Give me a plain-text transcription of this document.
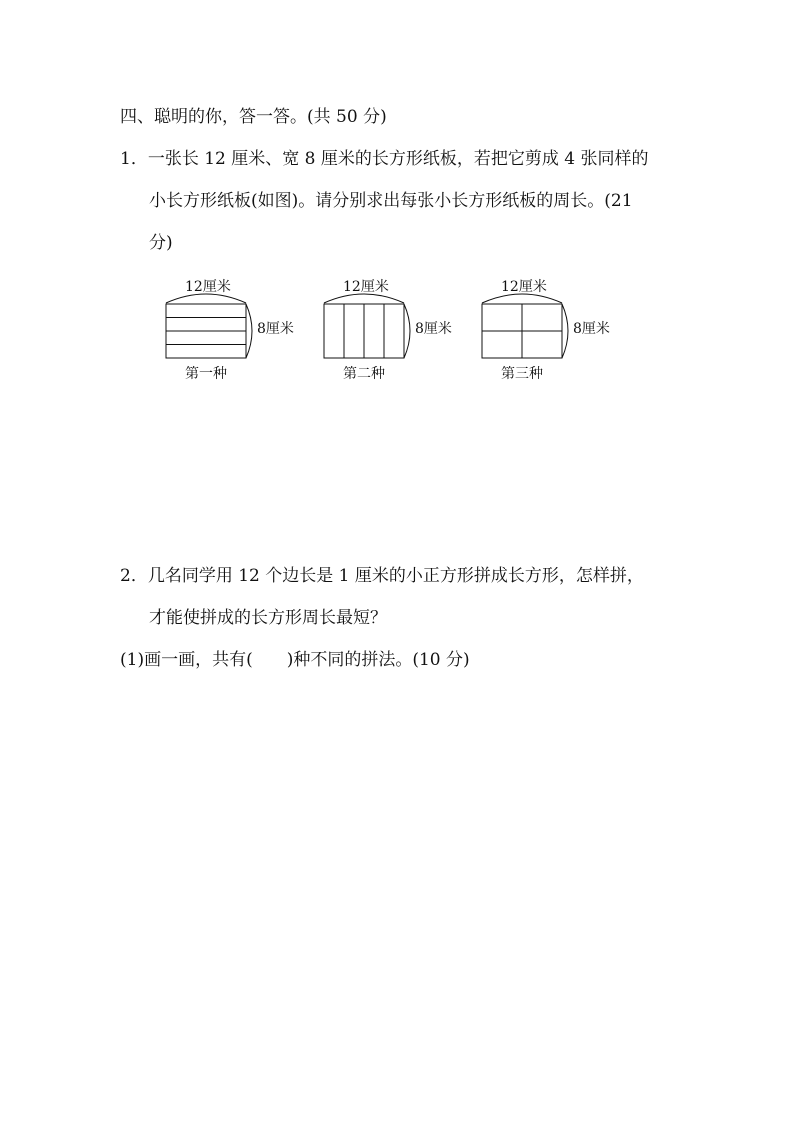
四、聪明的你，答一答。(共 50 分)
1．一张长 12 厘米、宽 8 厘米的长方形纸板，若把它剪成 4 张同样的
小长方形纸板(如图)。请分别求出每张小长方形纸板的周长。(21
分)
12厘米
8厘米
第一种
12厘米
8厘米
第二种
12厘米
8厘米
第三种
2．几名同学用 12 个边长是 1 厘米的小正方形拼成长方形，怎样拼，
才能使拼成的长方形周长最短？
(1)画一画，共有(　　)种不同的拼法。(10 分)
